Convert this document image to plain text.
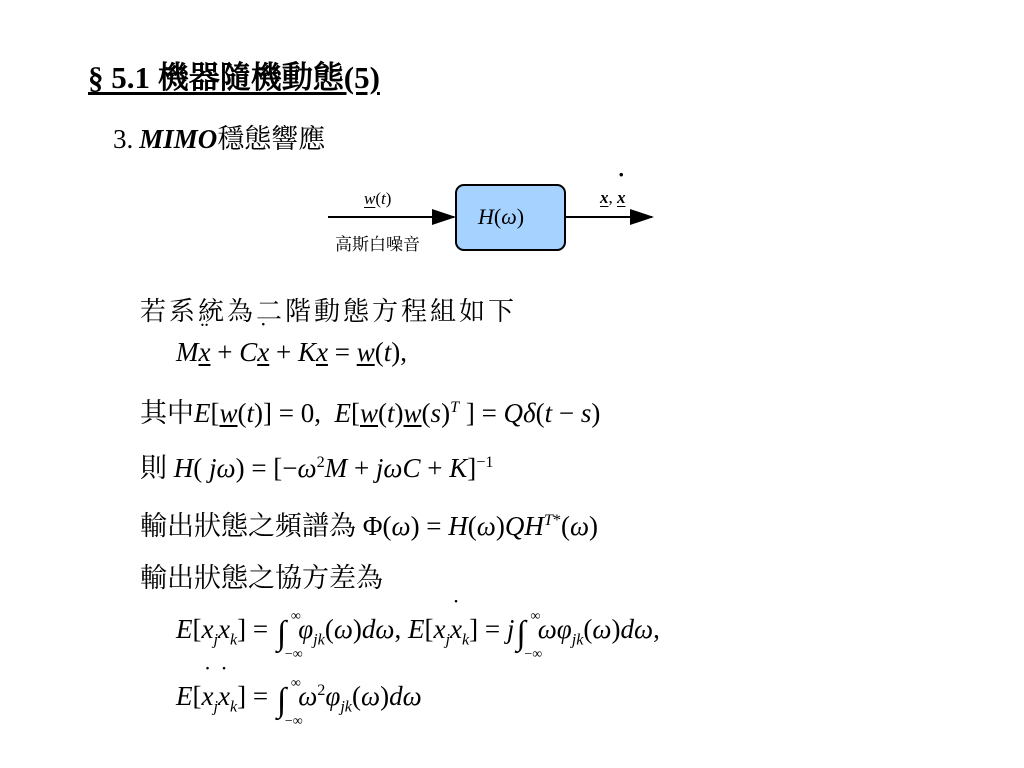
§ 5.1 機器隨機動態(5)
3. MIMO穩態響應
w(t)
高斯白噪音
H(ω)
x, x ˙
若系統為二階動態方程組如下
Mx ¨ + Cx ˙ + Kx = w(t),
其中E[w(t)] = 0,  $E[w(t)w(s)^T$ ] = Qδ(t − s)
則 H( $j\omega) = [-\omega^2M + j\omega C + K]^{-1}$
輸出狀態之頻譜為 $\Phi(\omega) = H(\omega)QH^{T*}(\omega)$
輸出狀態之協方差為
$E[x_jx_k]$ = ∫ ∞
−∞
$\varphi_{jk}(\omega)d\omega$, $E[x_jx$ $˙_k] = j\int$ ∞
−∞
$\omega\varphi_{jk}(\omega)d\omega$,
E[x $˙_jx$ $˙_k$] = ∫ ∞
−∞
$\omega^2\varphi_{jk}(\omega)d\omega$
